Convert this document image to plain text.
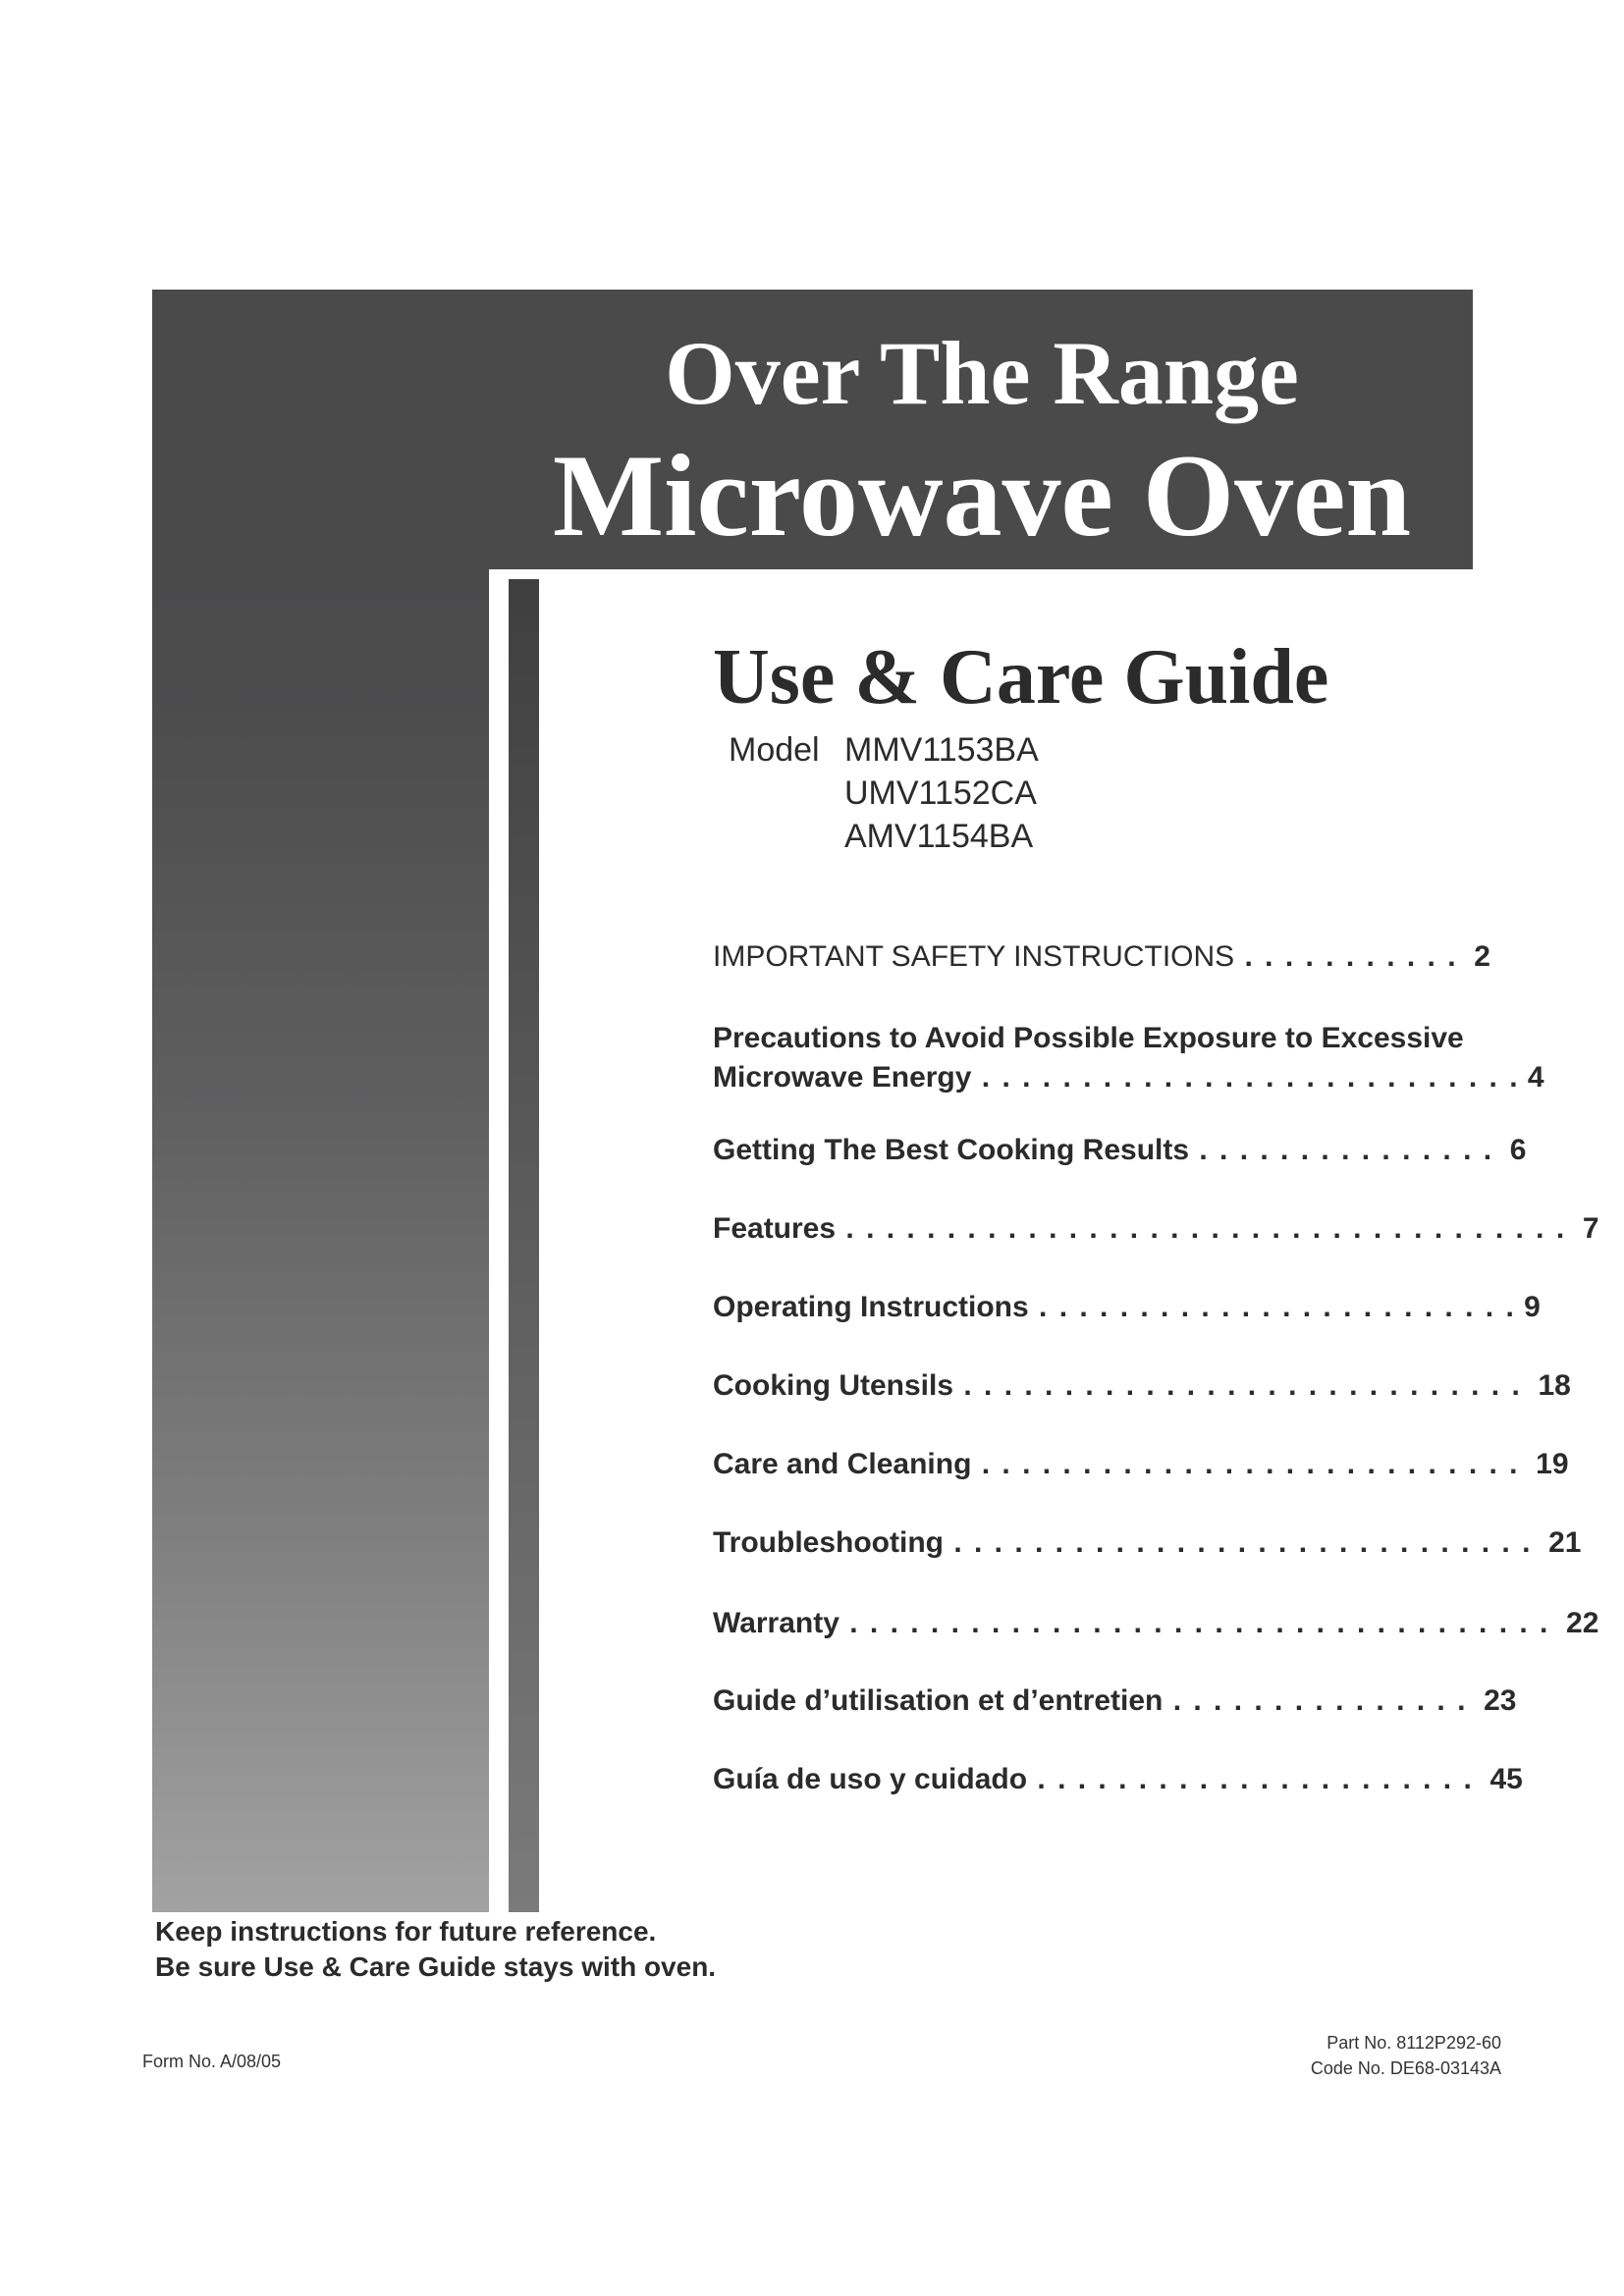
Over The Range
Microwave Oven
Use & Care Guide
Model MMV1153BA
UMV1152CA
AMV1154BA
IMPORTANT SAFETY INSTRUCTIONS . . . . . . . . . . . 2
Precautions to Avoid Possible Exposure to Excessive
Microwave Energy . . . . . . . . . . . . . . . . . . . . . . . . . . . 4
Getting The Best Cooking Results . . . . . . . . . . . . . . . 6
Features . . . . . . . . . . . . . . . . . . . . . . . . . . . . . . . . . . . . 7
Operating Instructions . . . . . . . . . . . . . . . . . . . . . . . . 9
Cooking Utensils . . . . . . . . . . . . . . . . . . . . . . . . . . . . 18
Care and Cleaning . . . . . . . . . . . . . . . . . . . . . . . . . . . 19
Troubleshooting . . . . . . . . . . . . . . . . . . . . . . . . . . . . . 21
Warranty . . . . . . . . . . . . . . . . . . . . . . . . . . . . . . . . . . . 22
Guide d’utilisation et d’entretien . . . . . . . . . . . . . . . 23
Guía de uso y cuidado . . . . . . . . . . . . . . . . . . . . . . 45
Keep instructions for future reference.
Be sure Use & Care Guide stays with oven.
Form No. A/08/05
Part No. 8112P292-60
Code No. DE68-03143A
